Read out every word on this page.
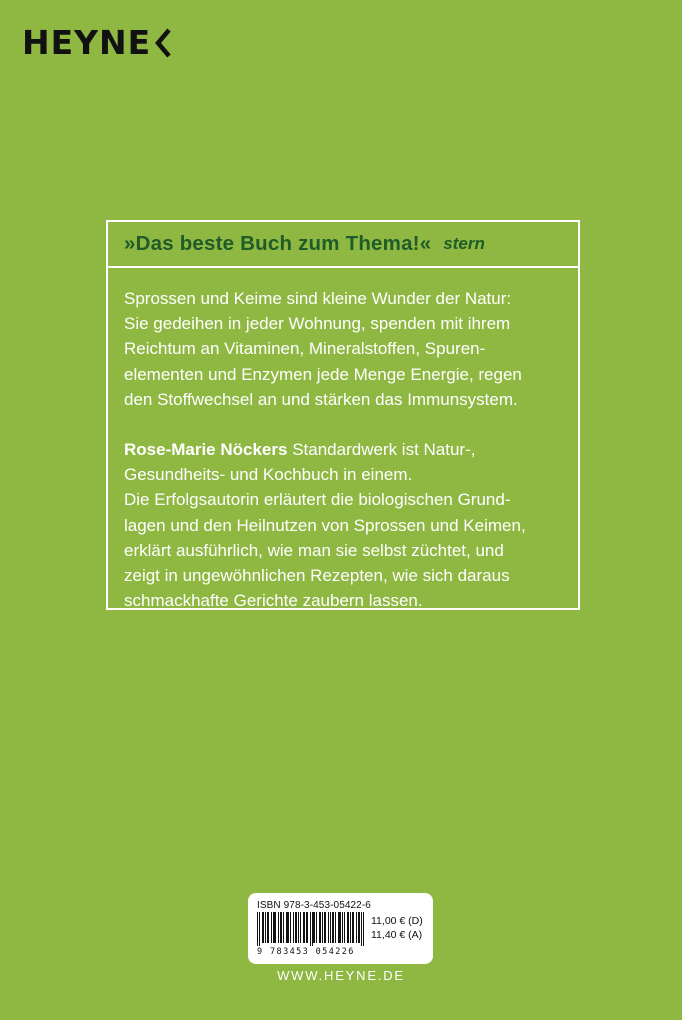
HEYNE
»Das beste Buch zum Thema!« stern
Sprossen und Keime sind kleine Wunder der Natur:
Sie gedeihen in jeder Wohnung, spenden mit ihrem
Reichtum an Vitaminen, Mineralstoffen, Spuren-
elementen und Enzymen jede Menge Energie, regen
den Stoffwechsel an und stärken das Immunsystem.
Rose-Marie Nöckers Standardwerk ist Natur-,
Gesundheits- und Kochbuch in einem.
Die Erfolgsautorin erläutert die biologischen Grund-
lagen und den Heilnutzen von Sprossen und Keimen,
erklärt ausführlich, wie man sie selbst züchtet, und
zeigt in ungewöhnlichen Rezepten, wie sich daraus
schmackhafte Gerichte zaubern lassen.
ISBN 978-3-453-05422-6
9 783453 054226
11,00 € (D)
11,40 € (A)
WWW.HEYNE.DE
